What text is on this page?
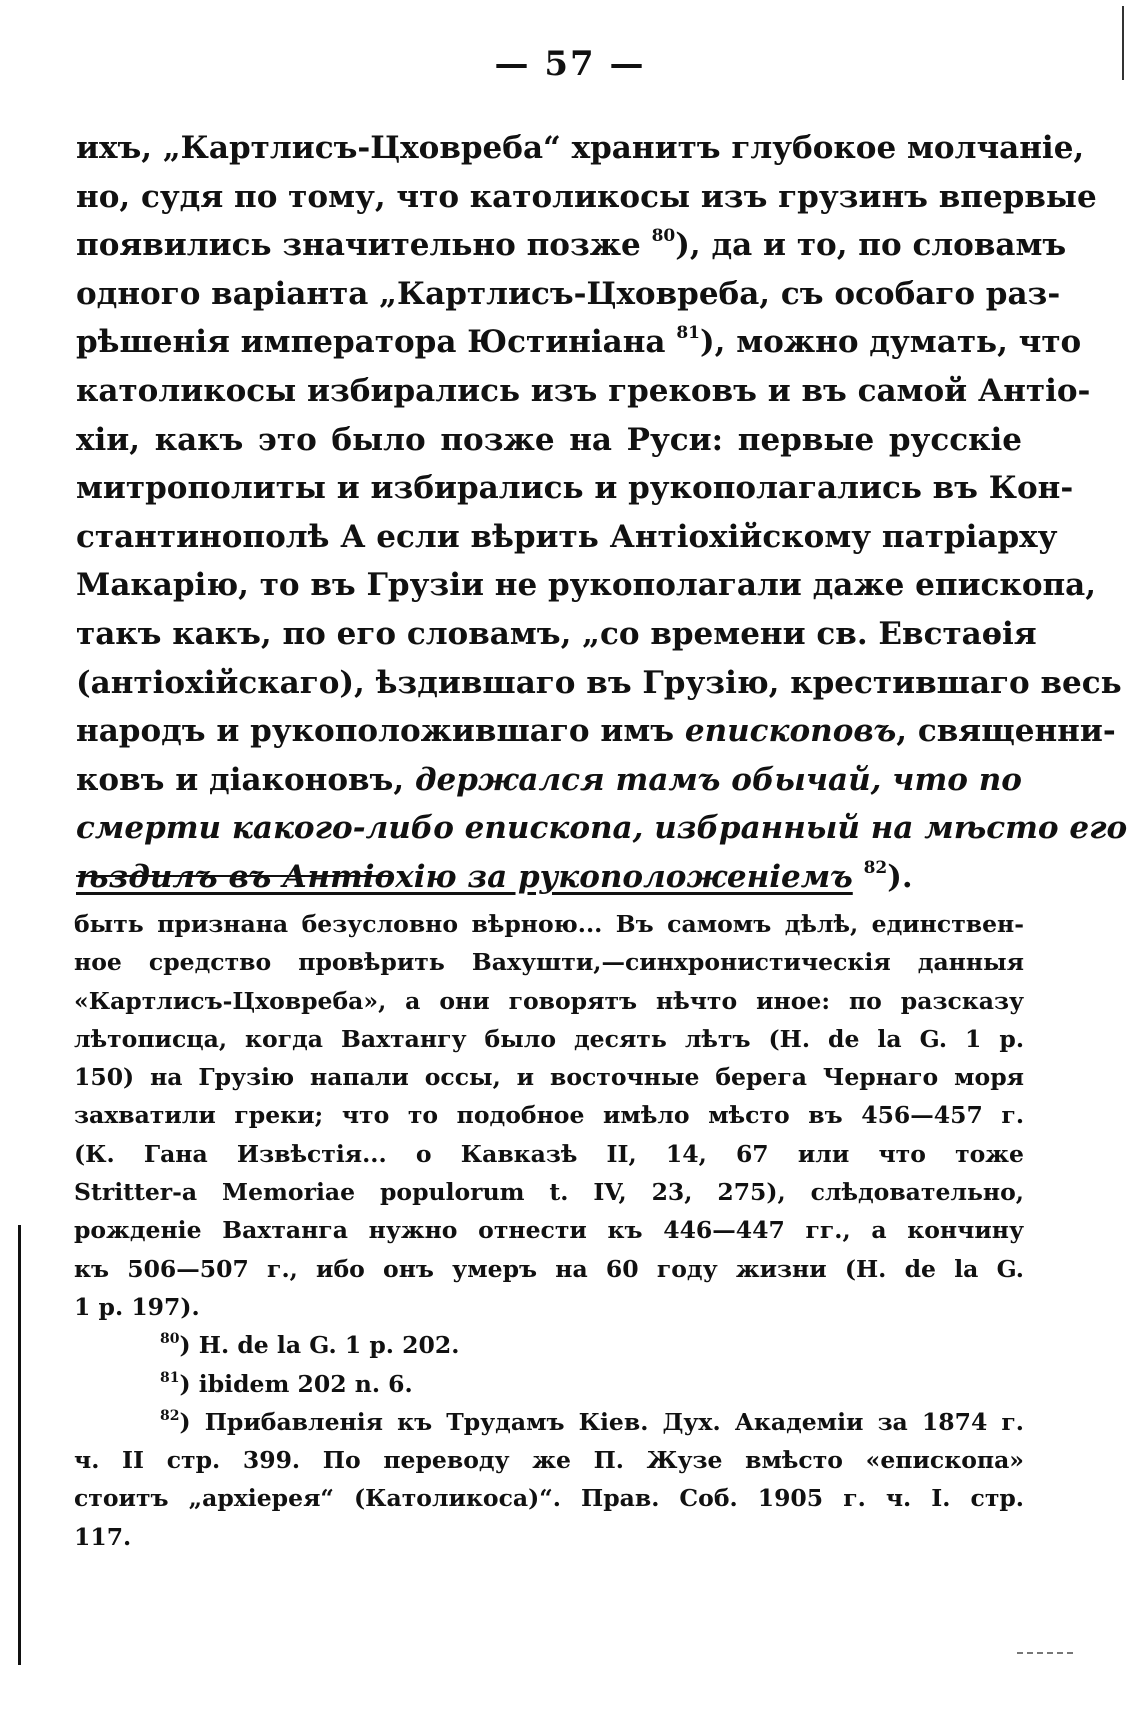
— 57 —
ихъ, „Картлисъ-Цховреба“ хранитъ глубокое молчаніе,
но, судя по тому, что католикосы изъ грузинъ впервые
появились значительно позже $^{80}$), да и то, по словамъ
одного варіанта „Картлисъ-Цховреба, съ особаго раз-
рѣшенія императора Юстиніана $^{81}$), можно думать, что
католикосы избирались изъ грековъ и въ самой Антіо-
хіи, какъ это было позже на Руси: первые русскіе
митрополиты и избирались и рукополагались въ Кон-
стантинополѣ А если вѣрить Антіохійскому патріарху
Макарію, то въ Грузіи не рукополагали даже епископа,
такъ какъ, по его словамъ, „со времени св. Евстаѳія
(антіохійскаго), ѣздившаго въ Грузію, крестившаго весь
народъ и рукоположившаго имъ епископовъ, священни-
ковъ и діаконовъ, держался тамъ обычай, что по
смерти какого-либо епископа, избранный на мѣсто его
ѣздилъ въ Антіохію за рукоположеніемъ $^{82}$).
быть признана безусловно вѣрною... Въ самомъ дѣлѣ, единствен-
ное средство провѣрить Вахушти,—синхронистическія данныя
«Картлисъ-Цховреба», а они говорятъ нѣчто иное: по разсказу
лѣтописца, когда Вахтангу было десять лѣтъ (Н. de la G. 1 p.
150) на Грузію напали оссы, и восточные берега Чернаго моря
захватили греки; что то подобное имѣло мѣсто въ 456—457 г.
(К. Гана Извѣстія... о Кавказѣ II, 14, 67 или что тоже
Stritter-a Memoriae populorum t. IV, 23, 275), слѣдовательно,
рожденіе Вахтанга нужно отнести къ 446—447 гг., а кончину
къ 506—507 г., ибо онъ умеръ на 60 году жизни (Н. de la G.
1 p. 197).
$^{80}$) Н. de la G. 1 p. 202.
$^{81}$) ibidem 202 n. 6.
$^{82}$) Прибавленія къ Трудамъ Кіев. Дух. Академіи за 1874 г.
ч. II стр. 399. По переводу же П. Жузе вмѣсто «епископа»
стоитъ „архіерея“ (Католикоса)“. Прав. Соб. 1905 г. ч. I. стр.
117.
